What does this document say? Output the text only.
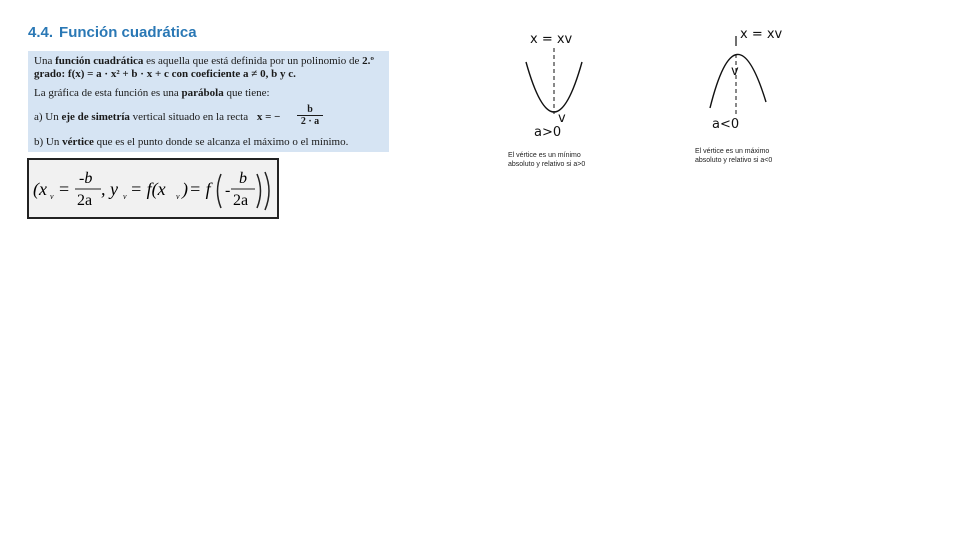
4.4. Función cuadrática
Una función cuadrática es aquella que está definida por un polinomio de 2.º grado: f(x) = a · x² + b · x + c con coeficiente a ≠ 0, b y c.
La gráfica de esta función es una parábola que tiene:
a) Un eje de simetría vertical situado en la recta x = − $\frac{b}{2 \cdot a}$
b) Un vértice que es el punto donde se alcanza el máximo o el mínimo.
(x v =
-b
2a
, y v = f(x v ) = f -
b
2a
x = xv
v
a>0
El vértice es un mínimo
absoluto y relativo si a>0
x = xv
v
a<0
El vértice es un máximo
absoluto y relativo si a<0
